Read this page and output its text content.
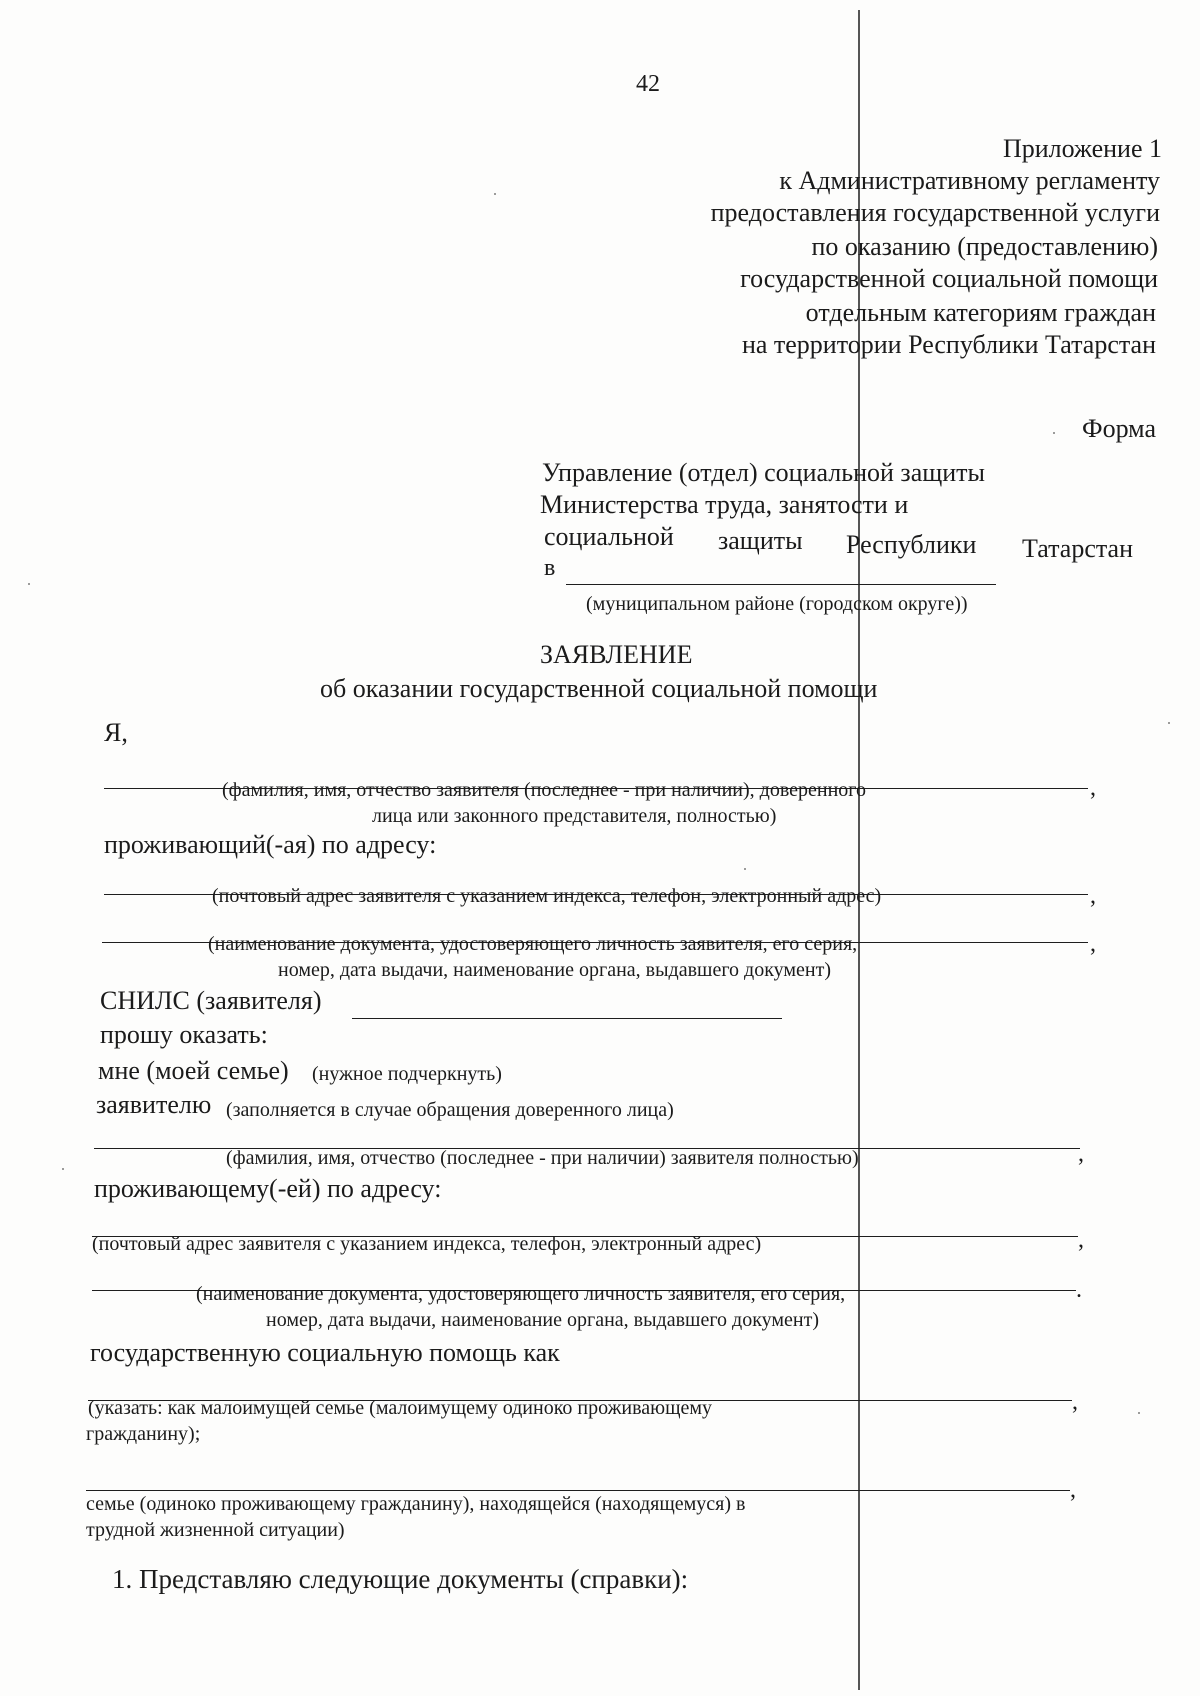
42
Приложение 1
к Административному регламенту
предоставления государственной услуги
по оказанию (предоставлению)
государственной социальной помощи
отдельным категориям граждан
на территории Республики Татарстан
Форма
Управление (отдел) социальной защиты
Министерства труда, занятости и
социальной защиты Республики Татарстан
в
(муниципальном районе (городском округе))
ЗАЯВЛЕНИЕ
об оказании государственной социальной помощи
Я,
,
(фамилия, имя, отчество заявителя (последнее - при наличии), доверенного
лица или законного представителя, полностью)
проживающий(-ая) по адресу:
,
(почтовый адрес заявителя с указанием индекса, телефон, электронный адрес)
,
(наименование документа, удостоверяющего личность заявителя, его серия,
номер, дата выдачи, наименование органа, выдавшего документ)
СНИЛС (заявителя)
прошу оказать:
мне (моей семье) (нужное подчеркнуть)
заявителю (заполняется в случае обращения доверенного лица)
,
(фамилия, имя, отчество (последнее - при наличии) заявителя полностью)
проживающему(-ей) по адресу:
,
(почтовый адрес заявителя с указанием индекса, телефон, электронный адрес)
.
(наименование документа, удостоверяющего личность заявителя, его серия,
номер, дата выдачи, наименование органа, выдавшего документ)
государственную социальную помощь как
,
(указать: как малоимущей семье (малоимущему одиноко проживающему
гражданину);
,
семье (одиноко проживающему гражданину), находящейся (находящемуся) в
трудной жизненной ситуации)
1. Представляю следующие документы (справки):
